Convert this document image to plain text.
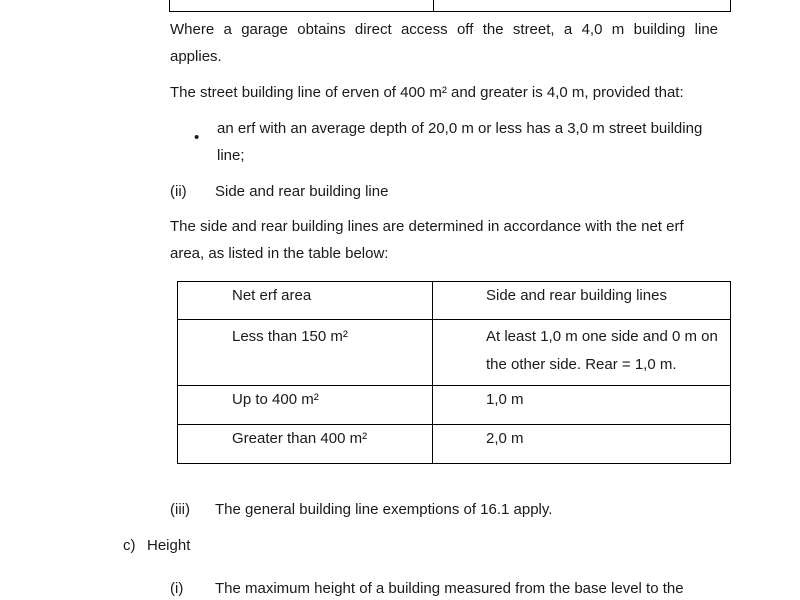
Where a garage obtains direct access off the street, a 4,0 m building line
applies.
The street building line of erven of 400 m² and greater is 4,0 m, provided that:
•
an erf with an average depth of 20,0 m or less has a 3,0 m street building
line;
(ii) Side and rear building line
The side and rear building lines are determined in accordance with the net erf
area, as listed in the table below:
Net erf area	Side and rear building lines

Less than 150 m²	At least 1,0 m one side and 0 m on
the other side. Rear = 1,0 m.

Up to 400 m²	1,0 m

Greater than 400 m²	2,0 m
(iii) The general building line exemptions of 16.1 apply.
c) Height
(i) The maximum height of a building measured from the base level to the
